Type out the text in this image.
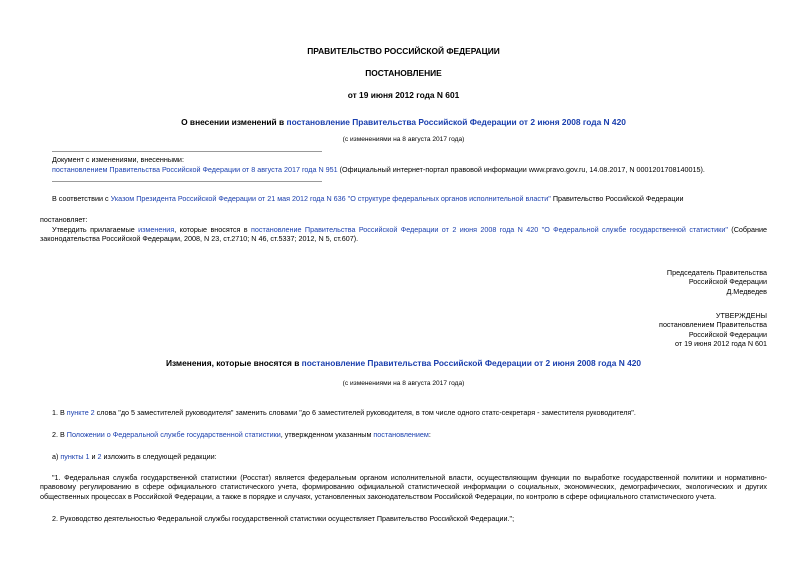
ПРАВИТЕЛЬСТВО РОССИЙСКОЙ ФЕДЕРАЦИИ
ПОСТАНОВЛЕНИЕ
от 19 июня 2012 года N 601
О внесении изменений в постановление Правительства Российской Федерации от 2 июня 2008 года N 420
(с изменениями на 8 августа 2017 года)
Документ с изменениями, внесенными:
постановлением Правительства Российской Федерации от 8 августа 2017 года N 951 (Официальный интернет-портал правовой информации www.pravo.gov.ru, 14.08.2017, N 0001201708140015).
В соответствии с Указом Президента Российской Федерации от 21 мая 2012 года N 636 "О структуре федеральных органов исполнительной власти" Правительство Российской Федерации
постановляет:
Утвердить прилагаемые изменения, которые вносятся в постановление Правительства Российской Федерации от 2 июня 2008 года N 420 "О Федеральной службе государственной статистики" (Собрание законодательства Российской Федерации, 2008, N 23, ст.2710; N 46, ст.5337; 2012, N 5, ст.607).
Председатель Правительства
Российской Федерации
Д.Медведев
УТВЕРЖДЕНЫ
постановлением Правительства
Российской Федерации
от 19 июня 2012 года N 601
Изменения, которые вносятся в постановление Правительства Российской Федерации от 2 июня 2008 года N 420
(с изменениями на 8 августа 2017 года)
1. В пункте 2 слова "до 5 заместителей руководителя" заменить словами "до 6 заместителей руководителя, в том числе одного статс-секретаря - заместителя руководителя".
2. В Положении о Федеральной службе государственной статистики, утвержденном указанным постановлением:
а) пункты 1 и 2 изложить в следующей редакции:
"1. Федеральная служба государственной статистики (Росстат) является федеральным органом исполнительной власти, осуществляющим функции по выработке государственной политики и нормативно-правовому регулированию в сфере официального статистического учета, формированию официальной статистической информации о социальных, экономических, демографических, экологических и других общественных процессах в Российской Федерации, а также в порядке и случаях, установленных законодательством Российской Федерации, по контролю в сфере официального статистического учета.
2. Руководство деятельностью Федеральной службы государственной статистики осуществляет Правительство Российской Федерации.";
